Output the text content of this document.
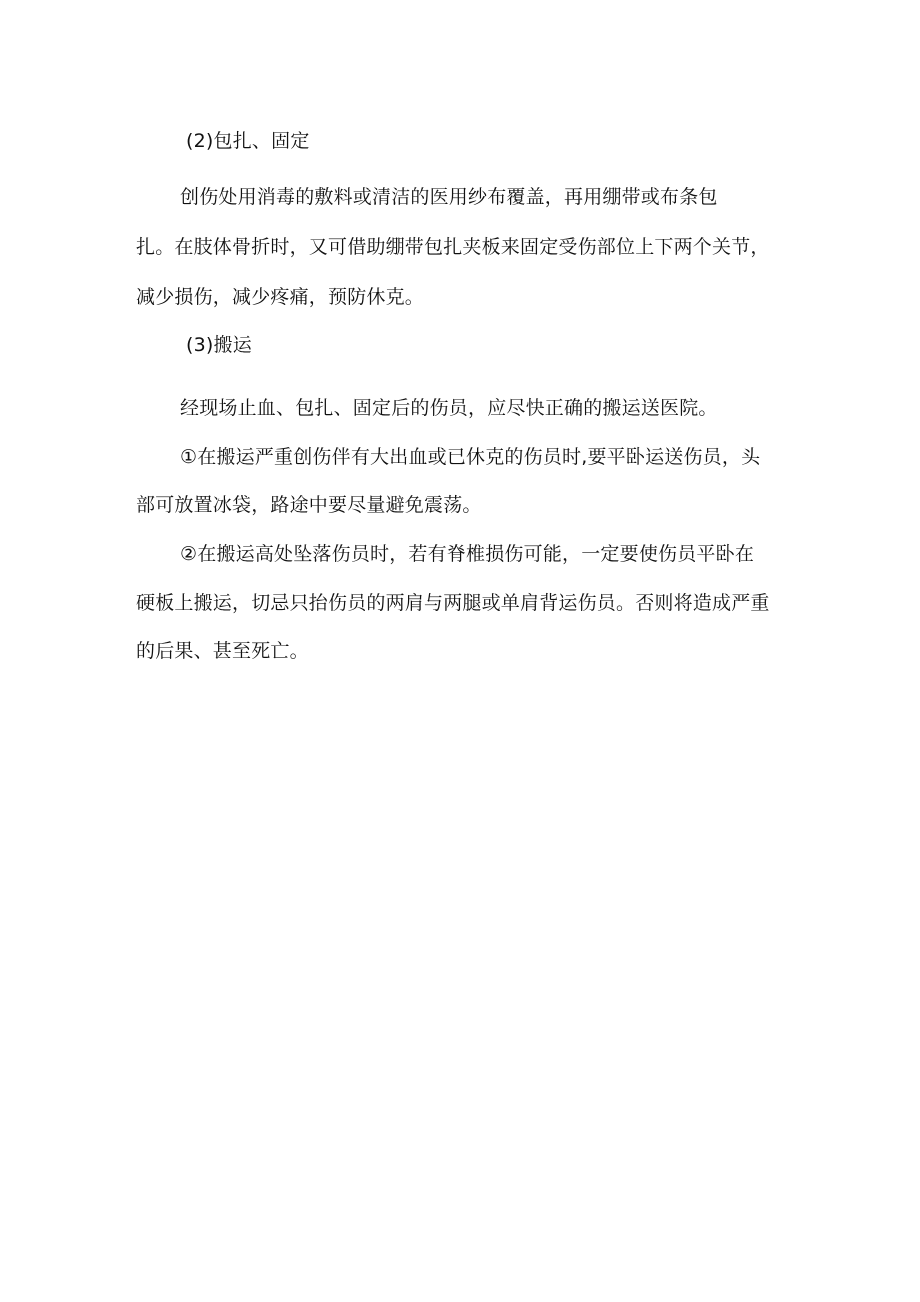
(2)包扎、固定
创伤处用消毒的敷料或清洁的医用纱布覆盖，再用绷带或布条包
扎。在肢体骨折时，又可借助绷带包扎夹板来固定受伤部位上下两个关节，
减少损伤，减少疼痛，预防休克。
(3)搬运
经现场止血、包扎、固定后的伤员，应尽快正确的搬运送医院。
①在搬运严重创伤伴有大出血或已休克的伤员时,要平卧运送伤员，头
部可放置冰袋，路途中要尽量避免震荡。
②在搬运高处坠落伤员时，若有脊椎损伤可能，一定要使伤员平卧在
硬板上搬运，切忌只抬伤员的两肩与两腿或单肩背运伤员。否则将造成严重
的后果、甚至死亡。
